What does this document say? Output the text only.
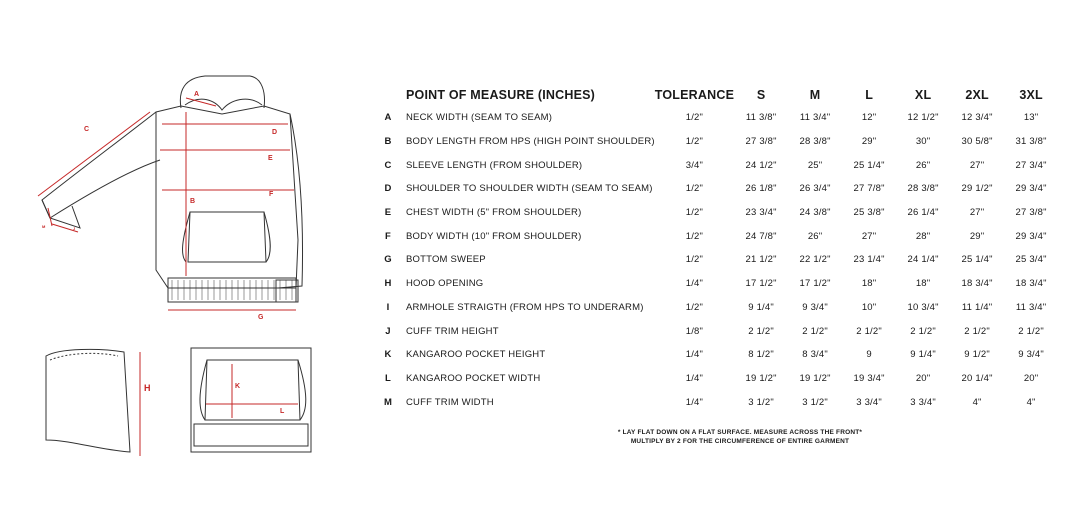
A
C	D
E
F
B
G
H	K
L
M	J
	POINT OF MEASURE (INCHES)	TOLERANCE	S	M	L	XL	2XL	3XL
A	NECK WIDTH (SEAM TO SEAM)	1/2"	11 3/8"	11 3/4"	12"	12 1/2"	12 3/4"	13"
B	BODY LENGTH FROM HPS (HIGH POINT SHOULDER)	1/2"	27 3/8"	28 3/8"	29"	30"	30 5/8"	31 3/8"
C	SLEEVE LENGTH (FROM SHOULDER)	3/4"	24 1/2"	25"	25 1/4"	26"	27"	27 3/4"
D	SHOULDER TO SHOULDER WIDTH (SEAM TO SEAM)	1/2"	26 1/8"	26 3/4"	27 7/8"	28 3/8"	29 1/2"	29 3/4"
E	CHEST WIDTH (5" FROM SHOULDER)	1/2"	23 3/4"	24 3/8"	25 3/8"	26 1/4"	27"	27 3/8"
F	BODY WIDTH (10" FROM SHOULDER)	1/2"	24 7/8"	26"	27"	28"	29"	29 3/4"
G	BOTTOM SWEEP	1/2"	21 1/2"	22 1/2"	23 1/4"	24 1/4"	25 1/4"	25 3/4"
H	HOOD OPENING	1/4"	17 1/2"	17 1/2"	18"	18"	18 3/4"	18 3/4"
I	ARMHOLE STRAIGTH (FROM HPS TO UNDERARM)	1/2"	9 1/4"	9 3/4"	10"	10 3/4"	11 1/4"	11 3/4"
J	CUFF TRIM HEIGHT	1/8"	2 1/2"	2 1/2"	2 1/2"	2 1/2"	2 1/2"	2 1/2"
K	KANGAROO POCKET HEIGHT	1/4"	8 1/2"	8 3/4"	9	9 1/4"	9 1/2"	9 3/4"
L	KANGAROO POCKET WIDTH	1/4"	19 1/2"	19 1/2"	19 3/4"	20"	20 1/4"	20"
M	CUFF TRIM WIDTH	1/4"	3 1/2"	3 1/2"	3 3/4"	3 3/4"	4"	4"
* LAY FLAT DOWN ON A FLAT SURFACE. MEASURE ACROSS THE FRONT*
MULTIPLY BY 2 FOR THE CIRCUMFERENCE OF ENTIRE GARMENT
